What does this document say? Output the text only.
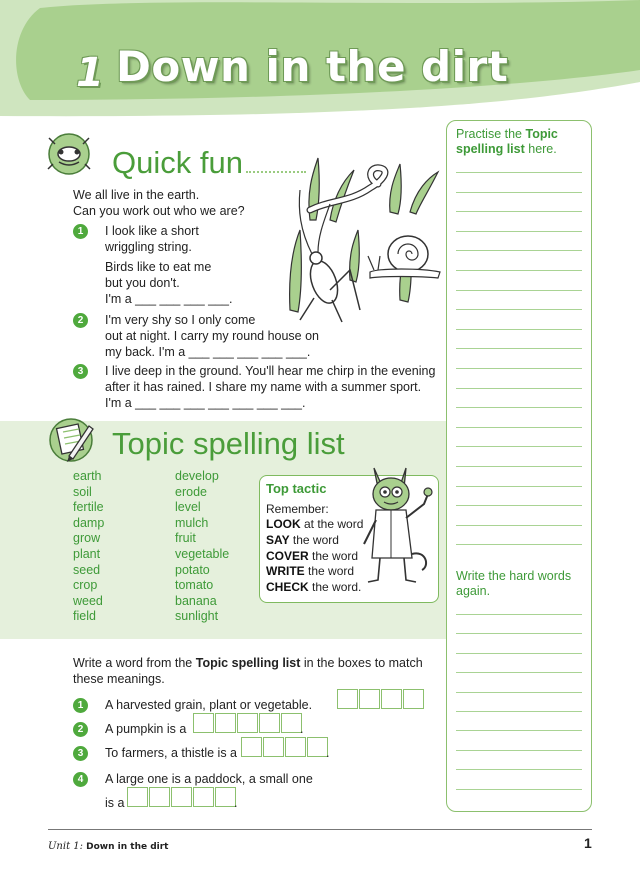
1 Down in the dirt
Practise the Topic spelling list here.
Write the hard words again.
Quick fun
We all live in the earth.
Can you work out who we are?
1	I look like a short
wriggling string.
Birds like to eat me
but you don't.
I'm a ___ ___ ___ ___.
2	I'm very shy so I only come
out at night. I carry my round house on
my back. I'm a ___ ___ ___ ___ ___.
3	I live deep in the ground. You'll hear me chirp in the evening
after it has rained. I share my name with a summer sport.
I'm a ___ ___ ___ ___ ___ ___ ___.
Topic spelling list
earth
soil
fertile
damp
grow
plant
seed
crop
weed
field
develop
erode
level
mulch
fruit
vegetable
potato
tomato
banana
sunlight
Top tactic
Remember:
LOOK at the word
SAY the word
COVER the word
WRITE the word
CHECK the word.
Write a word from the Topic spelling list in the boxes to match
these meanings.
1	A harvested grain, plant or vegetable.
2	A pumpkin is a	.
3	To farmers, a thistle is a	.
4	A large one is a paddock, a small one
is a	.
Unit 1: Down in the dirt	1
